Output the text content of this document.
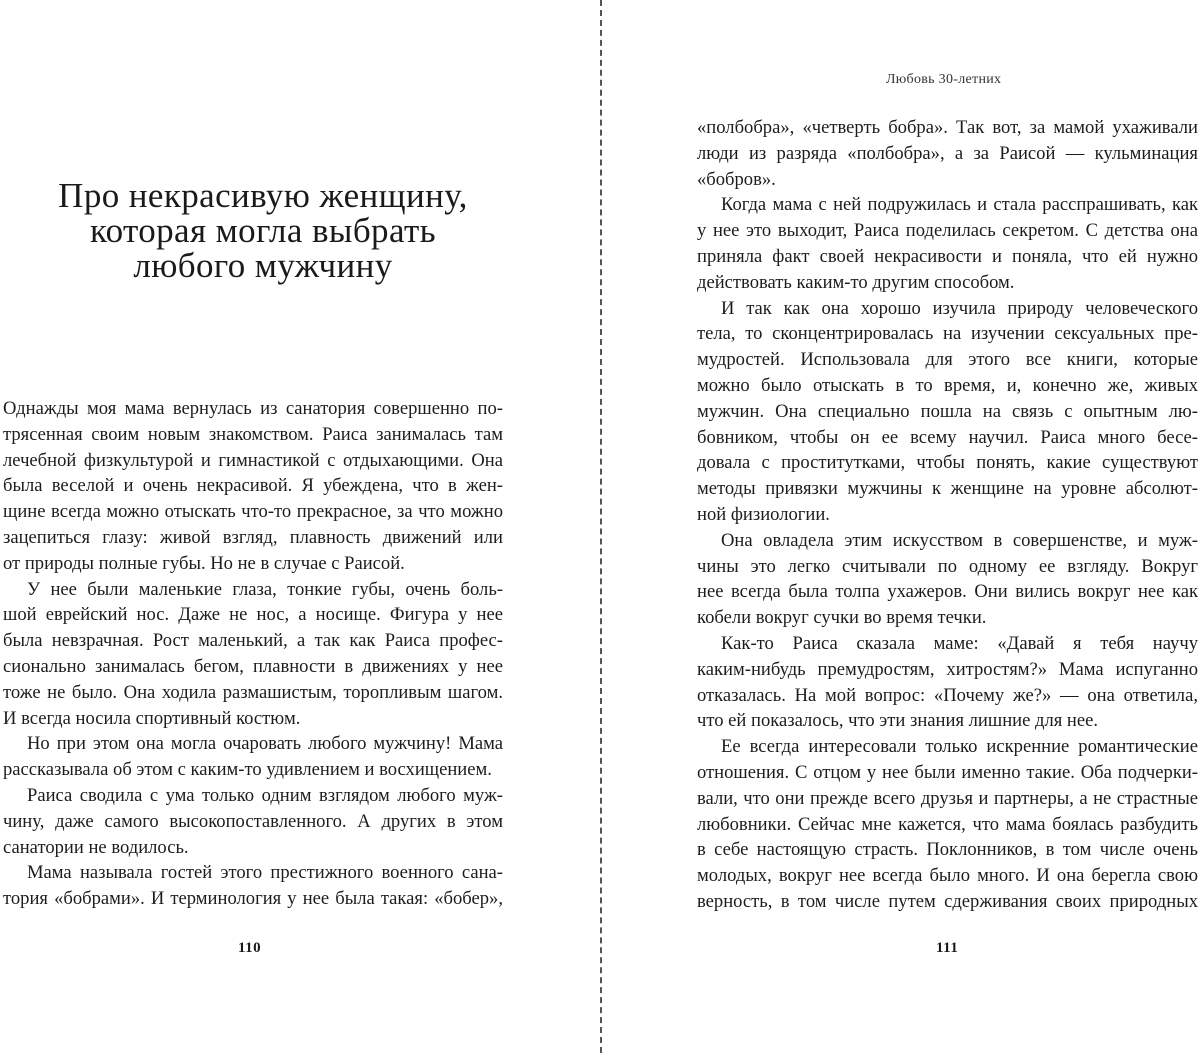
Про некрасивую женщину,
которая могла выбрать
любого мужчину
Однажды моя мама вернулась из санатория совершенно по-
трясенная своим новым знакомством. Раиса занималась там
лечебной физкультурой и гимнастикой с отдыхающими. Она
была веселой и очень некрасивой. Я убеждена, что в жен-
щине всегда можно отыскать что-то прекрасное, за что можно
зацепиться глазу: живой взгляд, плавность движений или
от природы полные губы. Но не в случае с Раисой.
У нее были маленькие глаза, тонкие губы, очень боль-
шой еврейский нос. Даже не нос, а носище. Фигура у нее
была невзрачная. Рост маленький, а так как Раиса профес-
сионально занималась бегом, плавности в движениях у нее
тоже не было. Она ходила размашистым, торопливым шагом.
И всегда носила спортивный костюм.
Но при этом она могла очаровать любого мужчину! Мама
рассказывала об этом с каким-то удивлением и восхищением.
Раиса сводила с ума только одним взглядом любого муж-
чину, даже самого высокопоставленного. А других в этом
санатории не водилось.
Мама называла гостей этого престижного военного сана-
тория «бобрами». И терминология у нее была такая: «бобер»,
110
Любовь 30-летних
«полбобра», «четверть бобра». Так вот, за мамой ухаживали
люди из разряда «полбобра», а за Раисой — кульминация
«бобров».
Когда мама с ней подружилась и стала расспрашивать, как
у нее это выходит, Раиса поделилась секретом. С детства она
приняла факт своей некрасивости и поняла, что ей нужно
действовать каким-то другим способом.
И так как она хорошо изучила природу человеческого
тела, то сконцентрировалась на изучении сексуальных пре-
мудростей. Использовала для этого все книги, которые
можно было отыскать в то время, и, конечно же, живых
мужчин. Она специально пошла на связь с опытным лю-
бовником, чтобы он ее всему научил. Раиса много бесе-
довала с проститутками, чтобы понять, какие существуют
методы привязки мужчины к женщине на уровне абсолют-
ной физиологии.
Она овладела этим искусством в совершенстве, и муж-
чины это легко считывали по одному ее взгляду. Вокруг
нее всегда была толпа ухажеров. Они вились вокруг нее как
кобели вокруг сучки во время течки.
Как-то Раиса сказала маме: «Давай я тебя научу
каким-нибудь премудростям, хитростям?» Мама испуганно
отказалась. На мой вопрос: «Почему же?» — она ответила,
что ей показалось, что эти знания лишние для нее.
Ее всегда интересовали только искренние романтические
отношения. С отцом у нее были именно такие. Оба подчерки-
вали, что они прежде всего друзья и партнеры, а не страстные
любовники. Сейчас мне кажется, что мама боялась разбудить
в себе настоящую страсть. Поклонников, в том числе очень
молодых, вокруг нее всегда было много. И она берегла свою
верность, в том числе путем сдерживания своих природных
111
